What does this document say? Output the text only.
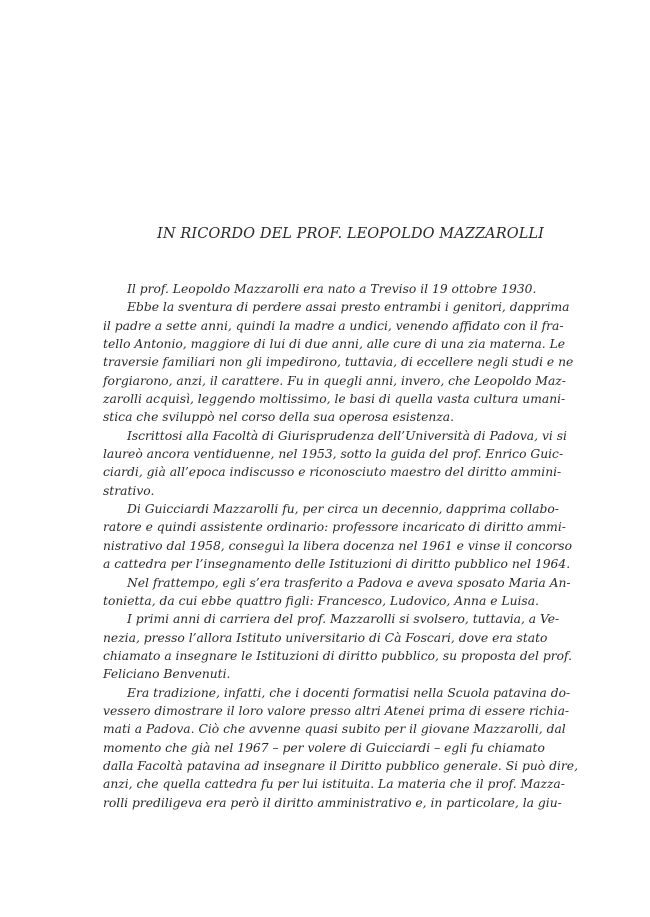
IN RICORDO DEL PROF. LEOPOLDO MAZZAROLLI
Il prof. Leopoldo Mazzarolli era nato a Treviso il 19 ottobre 1930.
Ebbe la sventura di perdere assai presto entrambi i genitori, dapprima
il padre a sette anni, quindi la madre a undici, venendo affidato con il fra-
tello Antonio, maggiore di lui di due anni, alle cure di una zia materna. Le
traversie familiari non gli impedirono, tuttavia, di eccellere negli studi e ne
forgiarono, anzi, il carattere. Fu in quegli anni, invero, che Leopoldo Maz-
zarolli acquisì, leggendo moltissimo, le basi di quella vasta cultura umani-
stica che sviluppò nel corso della sua operosa esistenza.
Iscrittosi alla Facoltà di Giurisprudenza dell’Università di Padova, vi si
laureò ancora ventiduenne, nel 1953, sotto la guida del prof. Enrico Guic-
ciardi, già all’epoca indiscusso e riconosciuto maestro del diritto ammini-
strativo.
Di Guicciardi Mazzarolli fu, per circa un decennio, dapprima collabo-
ratore e quindi assistente ordinario: professore incaricato di diritto ammi-
nistrativo dal 1958, conseguì la libera docenza nel 1961 e vinse il concorso
a cattedra per l’insegnamento delle Istituzioni di diritto pubblico nel 1964.
Nel frattempo, egli s’era trasferito a Padova e aveva sposato Maria An-
tonietta, da cui ebbe quattro figli: Francesco, Ludovico, Anna e Luisa.
I primi anni di carriera del prof. Mazzarolli si svolsero, tuttavia, a Ve-
nezia, presso l’allora Istituto universitario di Cà Foscari, dove era stato
chiamato a insegnare le Istituzioni di diritto pubblico, su proposta del prof.
Feliciano Benvenuti.
Era tradizione, infatti, che i docenti formatisi nella Scuola patavina do-
vessero dimostrare il loro valore presso altri Atenei prima di essere richia-
mati a Padova. Ciò che avvenne quasi subito per il giovane Mazzarolli, dal
momento che già nel 1967 – per volere di Guicciardi – egli fu chiamato
dalla Facoltà patavina ad insegnare il Diritto pubblico generale. Si può dire,
anzi, che quella cattedra fu per lui istituita. La materia che il prof. Mazza-
rolli prediligeva era però il diritto amministrativo e, in particolare, la giu-
